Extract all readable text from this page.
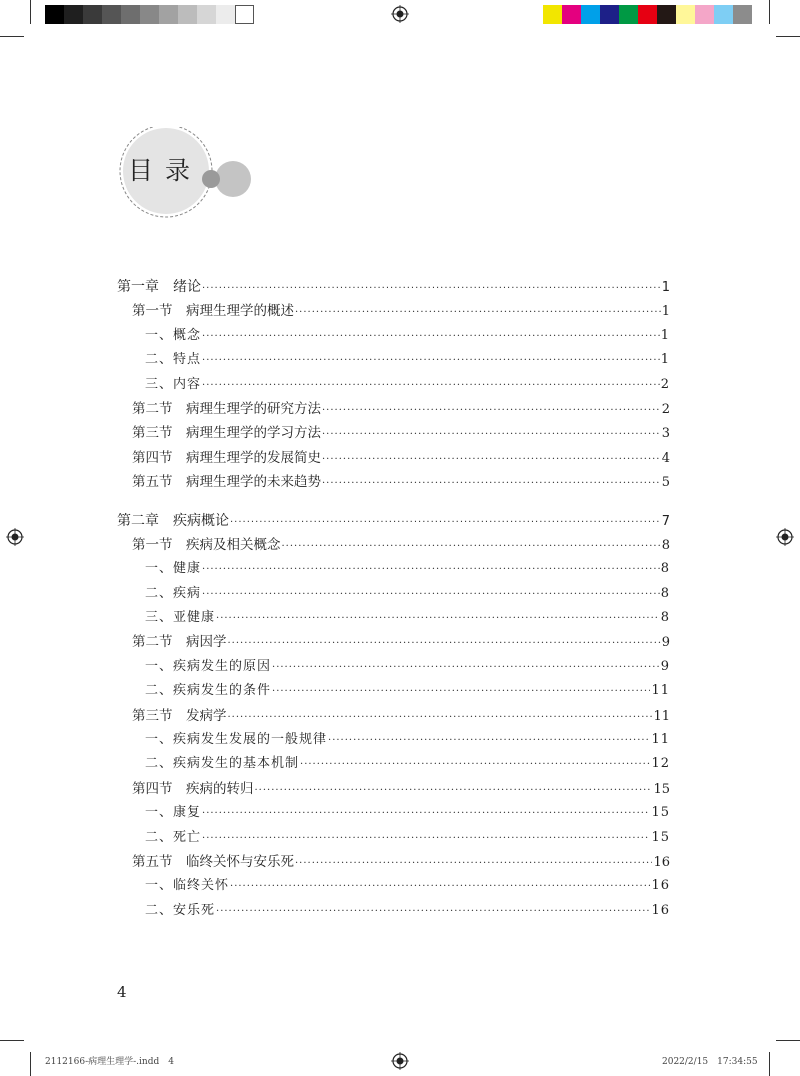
目录
第一章　绪论 ·····	1
第一节　病理生理学的概述 ·····	1
一、概念 ·····	1
二、特点 ·····	1
三、内容 ·····	2
第二节　病理生理学的研究方法 ·····	2
第三节　病理生理学的学习方法 ·····	3
第四节　病理生理学的发展简史 ·····	4
第五节　病理生理学的未来趋势 ·····	5
第二章　疾病概论 ·····	7
第一节　疾病及相关概念 ·····	8
一、健康 ·····	8
二、疾病 ·····	8
三、亚健康 ·····	8
第二节　病因学 ·····	9
一、疾病发生的原因 ·····	9
二、疾病发生的条件 ·····	11
第三节　发病学 ·····	11
一、疾病发生发展的一般规律 ·····	11
二、疾病发生的基本机制 ·····	12
第四节　疾病的转归 ·····	15
一、康复 ·····	15
二、死亡 ·····	15
第五节　临终关怀与安乐死 ·····	16
一、临终关怀 ·····	16
二、安乐死 ·····	16
4
2112166-病理生理学-.indd　4	2022/2/15　17:34:55
